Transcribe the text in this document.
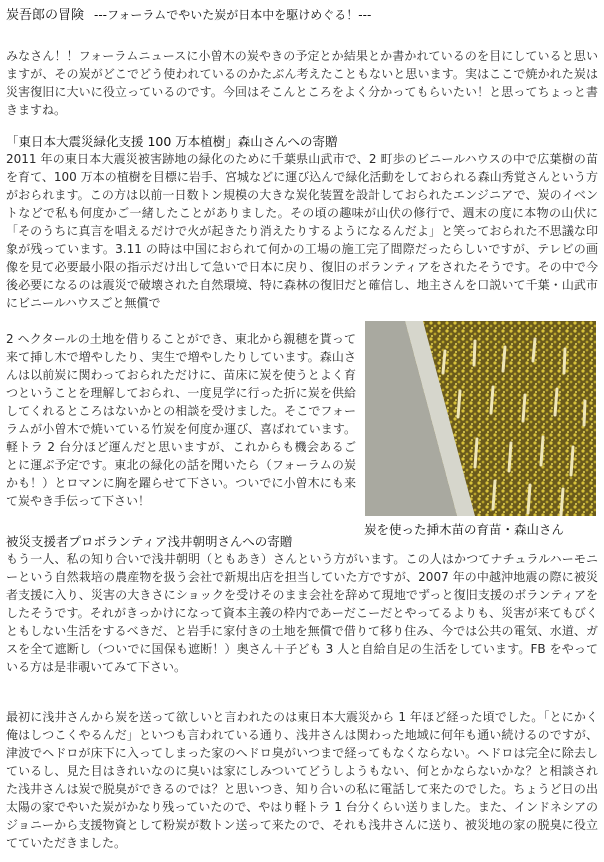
炭吾郎の冒険 ---フォーラムでやいた炭が日本中を駆けめぐる！---
みなさん！！フォーラムニュースに小曽木の炭やきの予定とか結果とか書かれているのを目にしていると思いますが、その炭がどこでどう使われているのかたぶん考えたこともないと思います。実はここで焼かれた炭は災害復旧に大いに役立っているのです。今回はそこんところをよく分かってもらいたい！と思ってちょっと書きますね。
「東日本大震災緑化支援 100 万本植樹」森山さんへの寄贈
2011 年の東日本大震災被害跡地の緑化のために千葉県山武市で、2 町歩のビニールハウスの中で広葉樹の苗を育て、100 万本の植樹を目標に岩手、宮城などに運び込んで緑化活動をしておられる森山秀覚さんという方がおられます。この方は以前一日数トン規模の大きな炭化装置を設計しておられたエンジニアで、炭のイベントなどで私も何度かご一緒したことがありました。その頃の趣味が山伏の修行で、週末の度に本物の山伏に「そのうちに真言を唱えるだけで火が起きたり消えたりするようになるんだよ」と笑っておられた不思議な印象が残っています。3.11 の時は中国におられて何かの工場の施工完了間際だったらしいですが、テレビの画像を見て必要最小限の指示だけ出して急いで日本に戻り、復旧のボランティアをされたそうです。その中で今後必要になるのは震災で破壊された自然環境、特に森林の復旧だと確信し、地主さんを口説いて千葉・山武市にビニールハウスごと無償で
2 ヘクタールの土地を借りることができ、東北から親穂を貰って来て挿し木で増やしたり、実生で増やしたりしています。森山さんは以前炭に関わっておられただけに、苗床に炭を使うとよく育つということを理解しておられ、一度見学に行った折に炭を供給してくれるところはないかとの相談を受けました。そこでフォーラムが小曽木で焼いている竹炭を何度か運び、喜ばれています。軽トラ 2 台分ほど運んだと思いますが、これからも機会あるごとに運ぶ予定です。東北の緑化の話を聞いたら（フォーラムの炭かも！）とロマンに胸を躍らせて下さい。ついでに小曽木にも来て炭やき手伝って下さい！
炭を使った挿木苗の育苗・森山さん
被災支援者プロボランティア浅井朝明さんへの寄贈
もう一人、私の知り合いで浅井朝明（ともあき）さんという方がいます。この人はかつてナチュラルハーモニーという自然栽培の農産物を扱う会社で新規出店を担当していた方ですが、2007 年の中越沖地震の際に被災者支援に入り、災害の大きさにショックを受けそのまま会社を辞めて現地でずっと復旧支援のボランティアをしたそうです。それがきっかけになって資本主義の枠内であーだこーだとやってるよりも、災害が来てもびくともしない生活をするべきだ、と岩手に家付きの土地を無償で借りて移り住み、今では公共の電気、水道、ガスを全て遮断し（ついでに国保も遮断！）奥さん＋子ども 3 人と自給自足の生活をしています。FB をやっている方は是非覗いてみて下さい。
最初に浅井さんから炭を送って欲しいと言われたのは東日本大震災から 1 年ほど経った頃でした。「とにかく俺はしつこくやるんだ」といつも言われている通り、浅井さんは関わった地域に何年も通い続けるのですが、津波でヘドロが床下に入ってしまった家のヘドロ臭がいつまで経ってもなくならない。ヘドロは完全に除去しているし、見た目はきれいなのに臭いは家にしみついてどうしようもない、何とかならないかな？と相談された浅井さんは炭で脱臭ができるのでは？と思いつき、知り合いの私に電話して来たのでした。ちょうど日の出太陽の家でやいた炭がかなり残っていたので、やはり軽トラ 1 台分くらい送りました。また、インドネシアのジョニーから支援物資として粉炭が数トン送って来たので、それも浅井さんに送り、被災地の家の脱臭に役立てていただきました。
